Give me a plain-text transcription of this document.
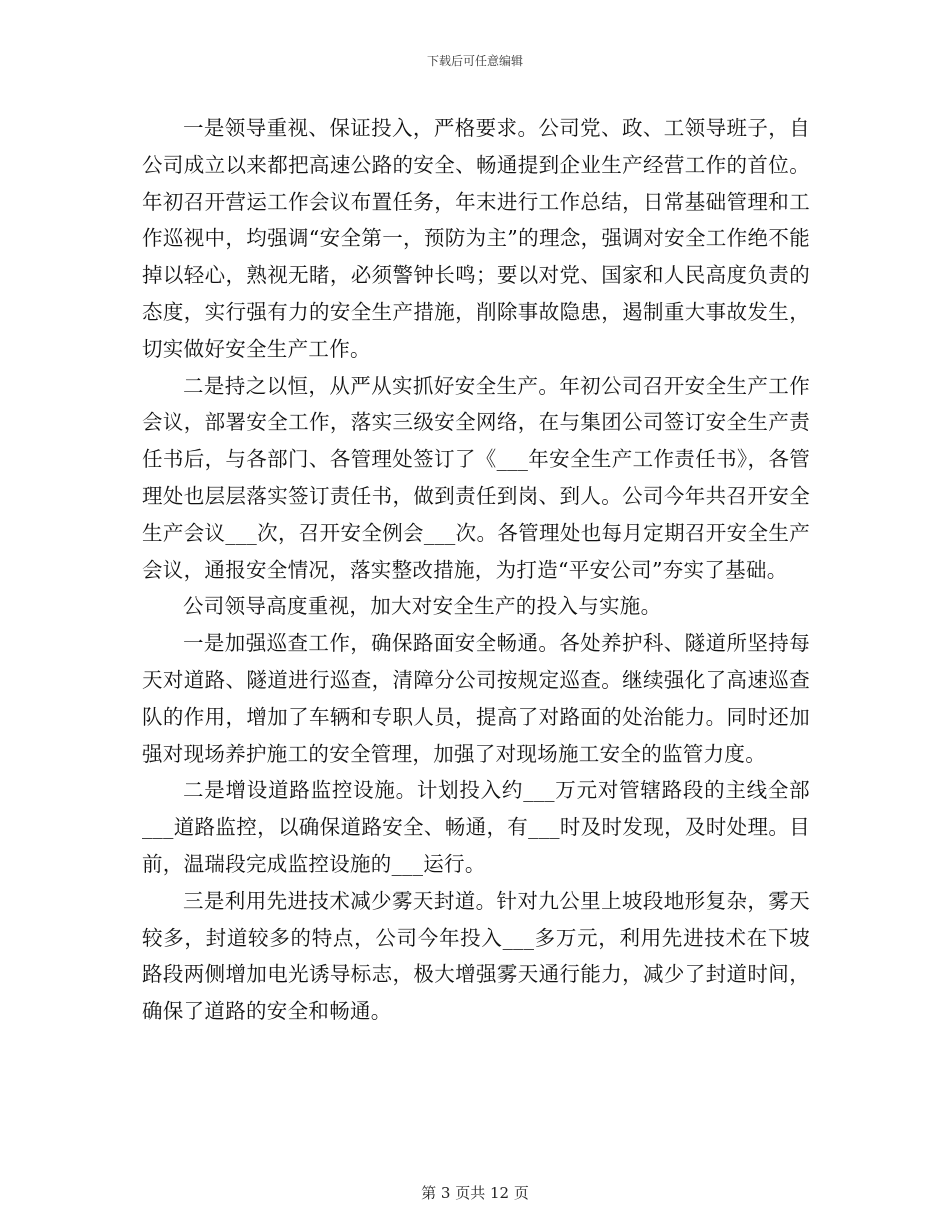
下载后可任意编辑

一是领导重视、保证投入，严格要求。公司党、政、工领导班子，自公司成立以来都把高速公路的安全、畅通提到企业生产经营工作的首位。年初召开营运工作会议布置任务，年末进行工作总结，日常基础管理和工作巡视中，均强调“安全第一，预防为主”的理念，强调对安全工作绝不能掉以轻心，熟视无睹，必须警钟长鸣；要以对党、国家和人民高度负责的态度，实行强有力的安全生产措施，削除事故隐患，遏制重大事故发生，切实做好安全生产工作。

二是持之以恒，从严从实抓好安全生产。年初公司召开安全生产工作会议，部署安全工作，落实三级安全网络，在与集团公司签订安全生产责任书后，与各部门、各管理处签订了《___年安全生产工作责任书》，各管理处也层层落实签订责任书，做到责任到岗、到人。公司今年共召开安全生产会议___次，召开安全例会___次。各管理处也每月定期召开安全生产会议，通报安全情况，落实整改措施，为打造“平安公司”夯实了基础。

公司领导高度重视，加大对安全生产的投入与实施。

一是加强巡查工作，确保路面安全畅通。各处养护科、隧道所坚持每天对道路、隧道进行巡查，清障分公司按规定巡查。继续强化了高速巡查队的作用，增加了车辆和专职人员，提高了对路面的处治能力。同时还加强对现场养护施工的安全管理，加强了对现场施工安全的监管力度。

二是增设道路监控设施。计划投入约___万元对管辖路段的主线全部___道路监控，以确保道路安全、畅通，有___时及时发现，及时处理。目前，温瑞段完成监控设施的___运行。

三是利用先进技术减少雾天封道。针对九公里上坡段地形复杂，雾天较多，封道较多的特点，公司今年投入___多万元，利用先进技术在下坡路段两侧增加电光诱导标志，极大增强雾天通行能力，减少了封道时间，确保了道路的安全和畅通。

第 3 页共 12 页
